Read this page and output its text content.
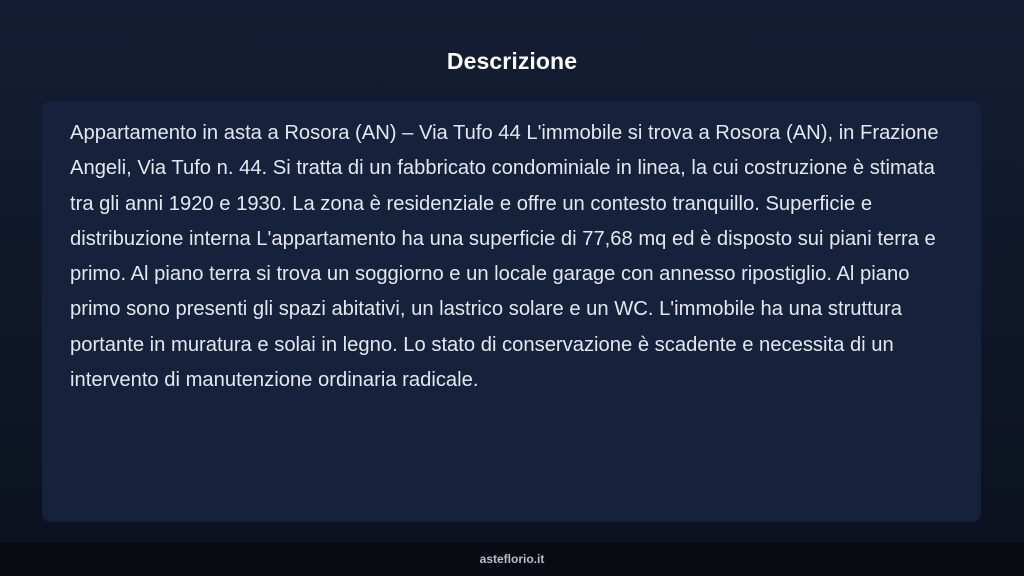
Descrizione

Appartamento in asta a Rosora (AN) – Via Tufo 44 L'immobile si trova a Rosora (AN), in Frazione Angeli, Via Tufo n. 44. Si tratta di un fabbricato condominiale in linea, la cui costruzione è stimata tra gli anni 1920 e 1930. La zona è residenziale e offre un contesto tranquillo. Superficie e distribuzione interna L'appartamento ha una superficie di 77,68 mq ed è disposto sui piani terra e primo. Al piano terra si trova un soggiorno e un locale garage con annesso ripostiglio. Al piano primo sono presenti gli spazi abitativi, un lastrico solare e un WC. L'immobile ha una struttura portante in muratura e solai in legno. Lo stato di conservazione è scadente e necessita di un intervento di manutenzione ordinaria radicale.

asteflorio.it
